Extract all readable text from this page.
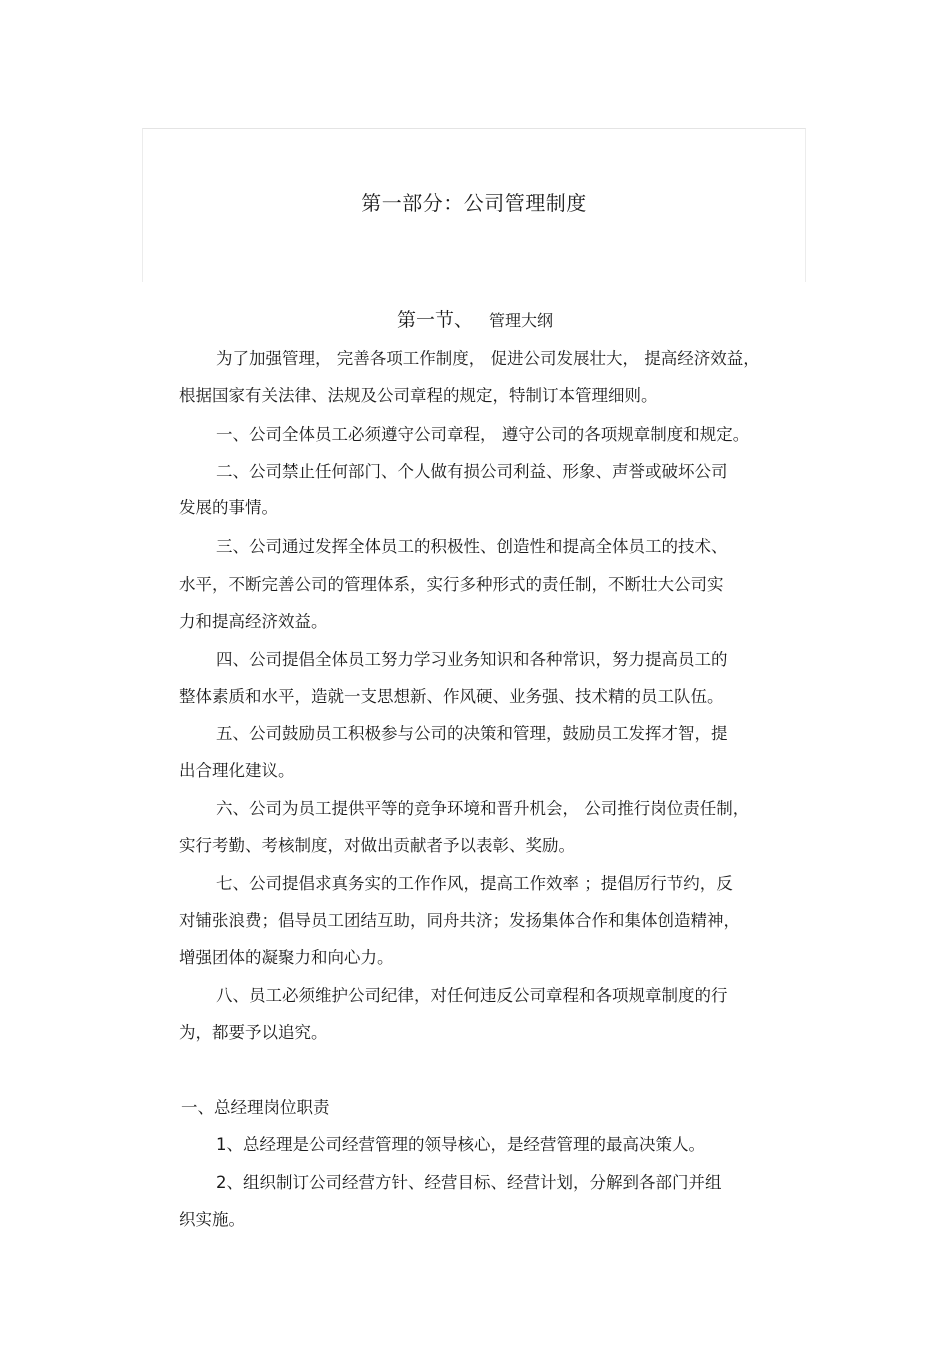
第一部分：公司管理制度
第一节、 管理大纲
为了加强管理， 完善各项工作制度， 促进公司发展壮大， 提高经济效益，
根据国家有关法律、法规及公司章程的规定，特制订本管理细则。
一、公司全体员工必须遵守公司章程， 遵守公司的各项规章制度和规定。
二、公司禁止任何部门、个人做有损公司利益、形象、声誉或破坏公司
发展的事情。
三、公司通过发挥全体员工的积极性、创造性和提高全体员工的技术、
水平，不断完善公司的管理体系，实行多种形式的责任制，不断壮大公司实
力和提高经济效益。
四、公司提倡全体员工努力学习业务知识和各种常识，努力提高员工的
整体素质和水平，造就一支思想新、作风硬、业务强、技术精的员工队伍。
五、公司鼓励员工积极参与公司的决策和管理，鼓励员工发挥才智，提
出合理化建议。
六、公司为员工提供平等的竞争环境和晋升机会， 公司推行岗位责任制，
实行考勤、考核制度，对做出贡献者予以表彰、奖励。
七、公司提倡求真务实的工作作风，提高工作效率 ；提倡厉行节约，反
对铺张浪费；倡导员工团结互助，同舟共济；发扬集体合作和集体创造精神，
增强团体的凝聚力和向心力。
八、员工必须维护公司纪律，对任何违反公司章程和各项规章制度的行
为，都要予以追究。
一、总经理岗位职责
1、总经理是公司经营管理的领导核心，是经营管理的最高决策人。
2、组织制订公司经营方针、经营目标、经营计划，分解到各部门并组
织实施。
